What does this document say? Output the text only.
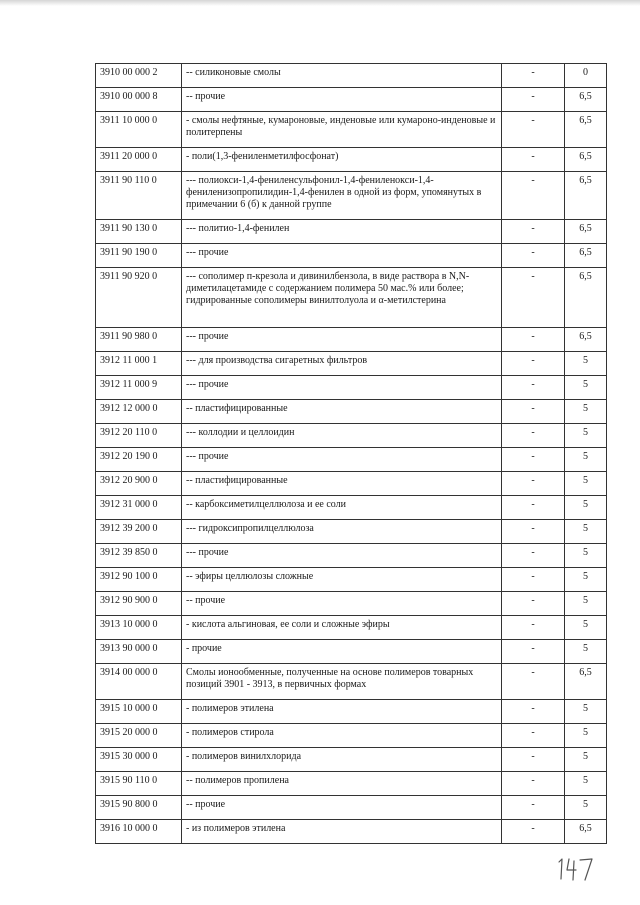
3910 00 000 2	-- силиконовые смолы	-	0
3910 00 000 8	-- прочие	-	6,5
3911 10 000 0	- смолы нефтяные, кумароновые, инденовые или кумароно-инденовые и политерпены	-	6,5
3911 20 000 0	- поли(1,3-фениленметилфосфонат)	-	6,5
3911 90 110 0	--- полиокси-1,4-фениленсульфонил-1,4-фениленокси-1,4-фениленизопропилидин-1,4-фенилен в одной из форм, упомянутых в примечании 6 (б) к данной группе	-	6,5
3911 90 130 0	--- политио-1,4-фенилен	-	6,5
3911 90 190 0	--- прочие	-	6,5
3911 90 920 0	--- сополимер п-крезола и дивинилбензола, в виде раствора в N,N-диметилацетамиде с содержанием полимера 50 мас.% или более; гидрированные сополимеры винилтолуола и α-метилстерина	-	6,5
3911 90 980 0	--- прочие	-	6,5
3912 11 000 1	--- для производства сигаретных фильтров	-	5
3912 11 000 9	--- прочие	-	5
3912 12 000 0	-- пластифицированные	-	5
3912 20 110 0	--- коллодии и целлоидин	-	5
3912 20 190 0	--- прочие	-	5
3912 20 900 0	-- пластифицированные	-	5
3912 31 000 0	-- карбоксиметилцеллюлоза и ее соли	-	5
3912 39 200 0	--- гидроксипропилцеллюлоза	-	5
3912 39 850 0	--- прочие	-	5
3912 90 100 0	-- эфиры целлюлозы сложные	-	5
3912 90 900 0	-- прочие	-	5
3913 10 000 0	- кислота альгиновая, ее соли и сложные эфиры	-	5
3913 90 000 0	- прочие	-	5
3914 00 000 0	Смолы ионообменные, полученные на основе полимеров товарных позиций 3901 - 3913, в первичных формах	-	6,5
3915 10 000 0	- полимеров этилена	-	5
3915 20 000 0	- полимеров стирола	-	5
3915 30 000 0	- полимеров винилхлорида	-	5
3915 90 110 0	-- полимеров пропилена	-	5
3915 90 800 0	-- прочие	-	5
3916 10 000 0	- из полимеров этилена	-	6,5
